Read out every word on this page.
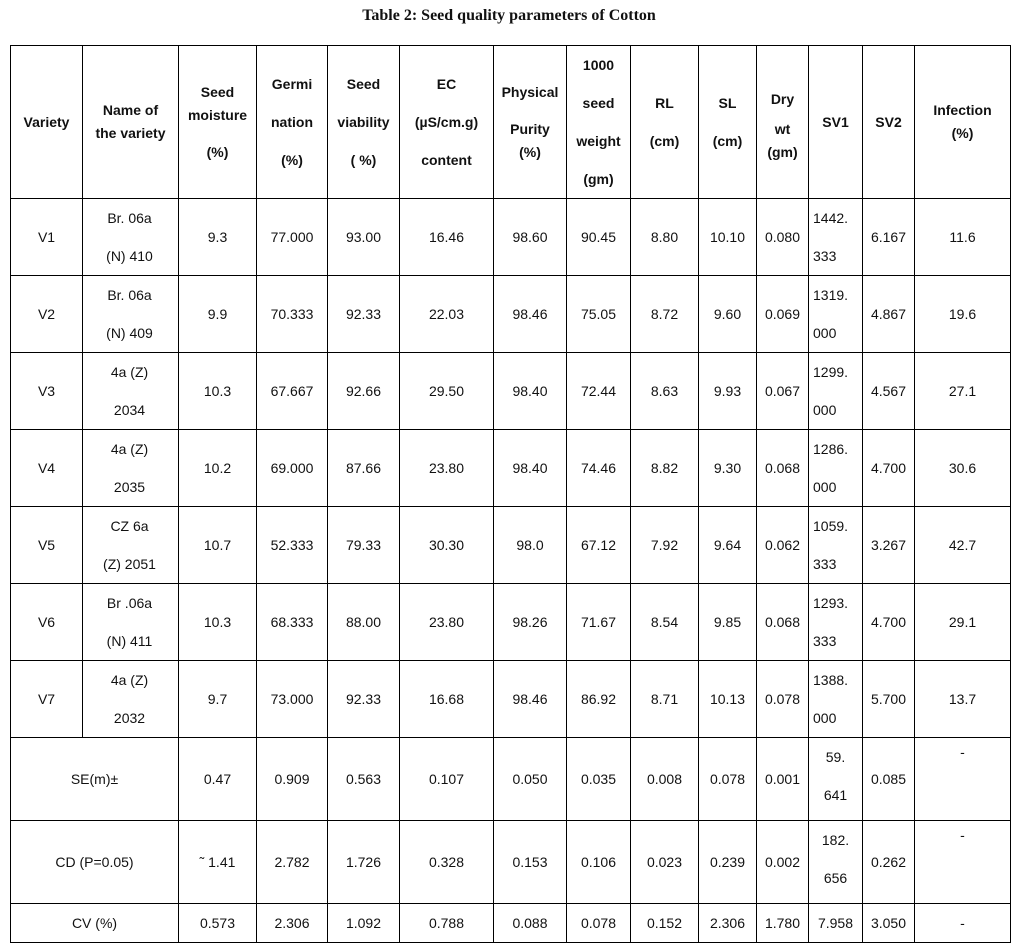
Table 2: Seed quality parameters of Cotton
Variety	Name of
the variety	Seed
moisture
(%)	Germi
nation
(%)	Seed
viability
( %)	EC
(µS/cm.g)
content	Physical
Purity
(%)	1000
seed
weight
(gm)	RL
(cm)	SL
(cm)	Dry
wt
(gm)	SV1	SV2	Infection
(%)

V1	Br. 06a
(N) 410	9.3	77.000	93.00	16.46	98.60	90.45	8.80	10.10	0.080	1442.
333	6.167	11.6
V2	Br. 06a
(N) 409	9.9	70.333	92.33	22.03	98.46	75.05	8.72	9.60	0.069	1319.
000	4.867	19.6
V3	4a (Z)
2034	10.3	67.667	92.66	29.50	98.40	72.44	8.63	9.93	0.067	1299.
000	4.567	27.1
V4	4a (Z)
2035	10.2	69.000	87.66	23.80	98.40	74.46	8.82	9.30	0.068	1286.
000	4.700	30.6
V5	CZ 6a
(Z) 2051	10.7	52.333	79.33	30.30	98.0	67.12	7.92	9.64	0.062	1059.
333	3.267	42.7
V6	Br .06a
(N) 411	10.3	68.333	88.00	23.80	98.26	71.67	8.54	9.85	0.068	1293.
333	4.700	29.1
V7	4a (Z)
2032	9.7	73.000	92.33	16.68	98.46	86.92	8.71	10.13	0.078	1388.
000	5.700	13.7
SE(m)±		0.47	0.909	0.563	0.107	0.050	0.035	0.008	0.078	0.001	59.
641	0.085	-
CD (P=0.05)		˜ 1.41	2.782	1.726	0.328	0.153	0.106	0.023	0.239	0.002	182.
656	0.262	-
CV (%)		0.573	2.306	1.092	0.788	0.088	0.078	0.152	2.306	1.780	7.958	3.050	-
